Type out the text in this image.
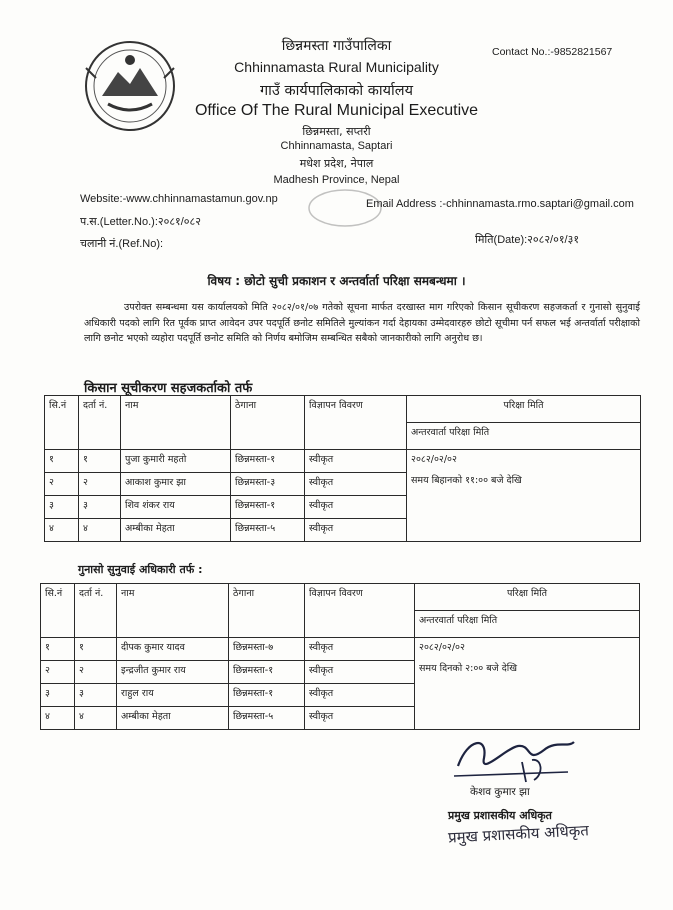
छिन्नमस्ता गाउँपालिका	Contact No.:-9852821567
Chhinnamasta Rural Municipality
गाउँ कार्यपालिकाको कार्यालय
Office Of The Rural Municipal Executive
छिन्नमस्ता, सप्तरी
Chhinnamasta, Saptari
मधेश प्रदेश, नेपाल
Madhesh Province, Nepal
Website:-www.chhinnamastamun.gov.np	Email Address :-chhinnamasta.rmo.saptari@gmail.com
प.स.(Letter.No.):२०८१/०८२
चलानी नं.(Ref.No):	मिति(Date):२०८२/०१/३१
विषय : छोटो सुची प्रकाशन र अन्तर्वार्ता परिक्षा समबन्धमा ।

उपरोक्त सम्बन्धमा यस कार्यालयको मिति २०८२/०१/०७ गतेको सूचना मार्फत दरखास्त माग गरिएको किसान सूचीकरण सहजकर्ता र गुनासो सुनुवाई अधिकारी पदको लागि रित पूर्वक प्राप्त आवेदन उपर पदपूर्ति छनोट समितिले मुल्यांकन गर्दा देहायका उम्मेदवारहरु छोटो सूचीमा पर्न सफल भई अन्तर्वार्ता परीक्षाको लागि छनोट भएको व्यहोरा पदपूर्ति छनोट समिति को निर्णय बमोजिम सम्बन्धित सबैको जानकारीको लागि अनुरोध छ।

किसान सूचीकरण सहजकर्ताको तर्फ
सि.नं	दर्ता नं.	नाम	ठेगाना	विज्ञापन विवरण	परिक्षा मिति
					अन्तरवार्ता परिक्षा मिति
१	१	पुजा कुमारी महतो	छिन्नमस्ता-१	स्वीकृत	२०८२/०२/०२
समय बिहानको ११:०० बजे देखि

२	२	आकाश कुमार झा	छिन्नमस्ता-३	स्वीकृत	
३	३	शिव शंकर राय	छिन्नमस्ता-१	स्वीकृत	
४	४	अम्बीका मेहता	छिन्नमस्ता-५	स्वीकृत	
गुनासो सुनुवाई अधिकारी तर्फ :
सि.नं	दर्ता नं.	नाम	ठेगाना	विज्ञापन विवरण	परिक्षा मिति
					अन्तरवार्ता परिक्षा मिति
१	१	दीपक कुमार यादव	छिन्नमस्ता-७	स्वीकृत	२०८२/०२/०२
समय दिनको २:०० बजे देखि

२	२	इन्द्रजीत कुमार राय	छिन्नमस्ता-१	स्वीकृत	
३	३	राहुल राय	छिन्नमस्ता-१	स्वीकृत	
४	४	अम्बीका मेहता	छिन्नमस्ता-५	स्वीकृत	
केशव कुमार झा
प्रमुख प्रशासकीय अधिकृत
प्रमुख प्रशासकीय अधिकृत
